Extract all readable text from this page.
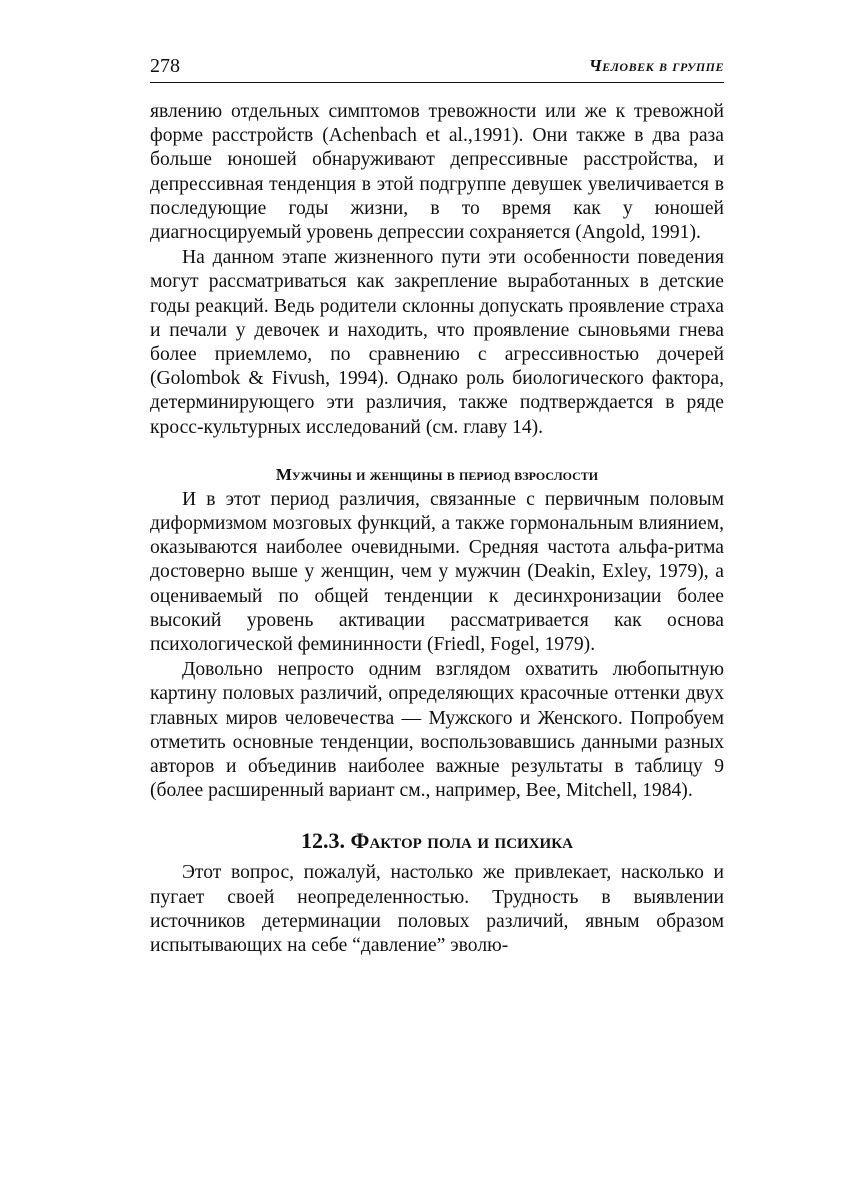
278	Человек в группе

явлению отдельных симптомов тревожности или же к тревожной форме расстройств (Achenbach et al.,1991). Они также в два раза больше юношей обнаруживают депрессивные расстройства, и депрессивная тенденция в этой подгруппе девушек увеличивается в последующие годы жизни, в то время как у юношей диагносцируемый уровень депрессии сохраняется (Angold, 1991).

На данном этапе жизненного пути эти особенности поведения могут рассматриваться как закрепление выработанных в детские годы реакций. Ведь родители склонны допускать проявление страха и печали у девочек и находить, что проявление сыновьями гнева более приемлемо, по сравнению с агрессивностью дочерей (Golombok & Fivush, 1994). Однако роль биологического фактора, детерминирующего эти различия, также подтверждается в ряде кросс-культурных исследований (см. главу 14).

Мужчины и женщины в период взрослости

И в этот период различия, связанные с первичным половым диформизмом мозговых функций, а также гормональным влиянием, оказываются наиболее очевидными. Средняя частота альфа-ритма достоверно выше у женщин, чем у мужчин (Deakin, Exley, 1979), а оцениваемый по общей тенденции к десинхронизации более высокий уровень активации рассматривается как основа психологической фемининности (Friedl, Fogel, 1979).

Довольно непросто одним взглядом охватить любопытную картину половых различий, определяющих красочные оттенки двух главных миров человечества — Мужского и Женского. Попробуем отметить основные тенденции, воспользовавшись данными разных авторов и объединив наиболее важные результаты в таблицу 9 (более расширенный вариант см., например, Bee, Mitchell, 1984).

12.3. Фактор пола и психика

Этот вопрос, пожалуй, настолько же привлекает, насколько и пугает своей неопределенностью. Трудность в выявлении источников детерминации половых различий, явным образом испытывающих на себе “давление” эволю-
